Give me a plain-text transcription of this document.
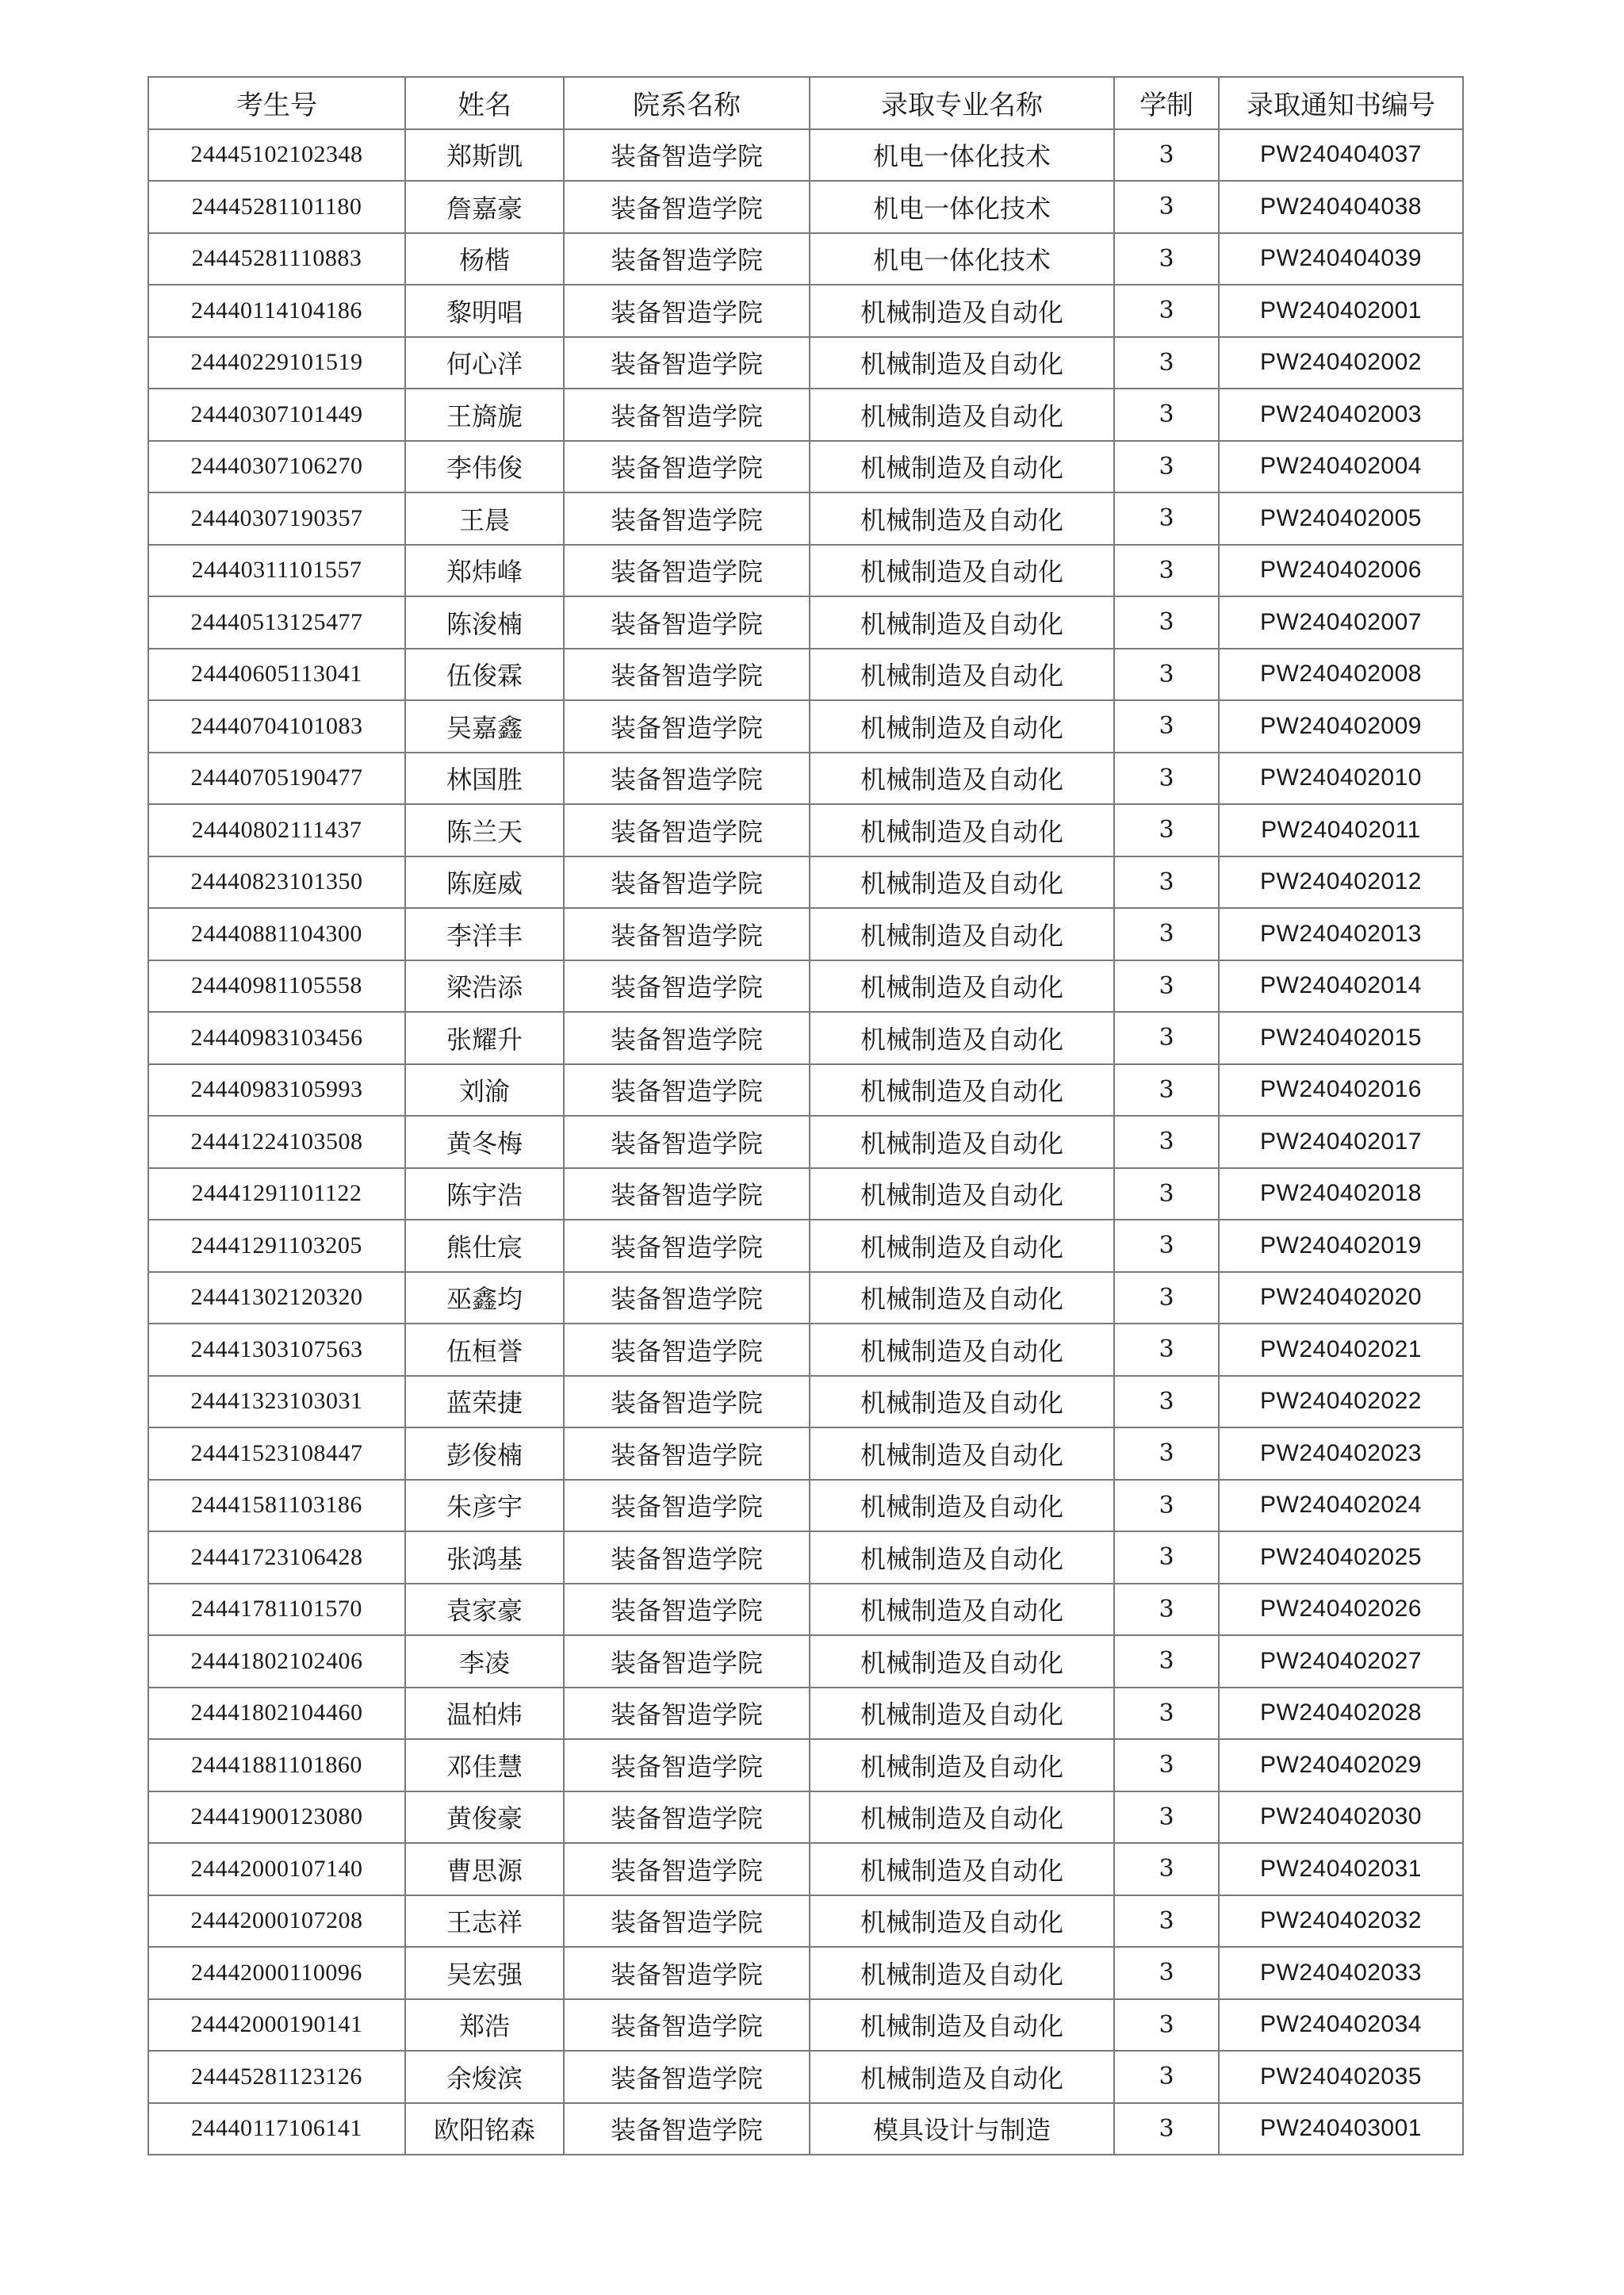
考生号	姓名	院系名称	录取专业名称	学制	录取通知书编号
24445102102348	郑斯凯	装备智造学院	机电一体化技术	3	PW240404037
24445281101180	詹嘉豪	装备智造学院	机电一体化技术	3	PW240404038
24445281110883	杨楷	装备智造学院	机电一体化技术	3	PW240404039
24440114104186	黎明唱	装备智造学院	机械制造及自动化	3	PW240402001
24440229101519	何心洋	装备智造学院	机械制造及自动化	3	PW240402002
24440307101449	王旖旎	装备智造学院	机械制造及自动化	3	PW240402003
24440307106270	李伟俊	装备智造学院	机械制造及自动化	3	PW240402004
24440307190357	王晨	装备智造学院	机械制造及自动化	3	PW240402005
24440311101557	郑炜峰	装备智造学院	机械制造及自动化	3	PW240402006
24440513125477	陈浚楠	装备智造学院	机械制造及自动化	3	PW240402007
24440605113041	伍俊霖	装备智造学院	机械制造及自动化	3	PW240402008
24440704101083	吴嘉鑫	装备智造学院	机械制造及自动化	3	PW240402009
24440705190477	林国胜	装备智造学院	机械制造及自动化	3	PW240402010
24440802111437	陈兰天	装备智造学院	机械制造及自动化	3	PW240402011
24440823101350	陈庭威	装备智造学院	机械制造及自动化	3	PW240402012
24440881104300	李洋丰	装备智造学院	机械制造及自动化	3	PW240402013
24440981105558	梁浩添	装备智造学院	机械制造及自动化	3	PW240402014
24440983103456	张耀升	装备智造学院	机械制造及自动化	3	PW240402015
24440983105993	刘渝	装备智造学院	机械制造及自动化	3	PW240402016
24441224103508	黄冬梅	装备智造学院	机械制造及自动化	3	PW240402017
24441291101122	陈宇浩	装备智造学院	机械制造及自动化	3	PW240402018
24441291103205	熊仕宸	装备智造学院	机械制造及自动化	3	PW240402019
24441302120320	巫鑫均	装备智造学院	机械制造及自动化	3	PW240402020
24441303107563	伍桓誉	装备智造学院	机械制造及自动化	3	PW240402021
24441323103031	蓝荣捷	装备智造学院	机械制造及自动化	3	PW240402022
24441523108447	彭俊楠	装备智造学院	机械制造及自动化	3	PW240402023
24441581103186	朱彦宇	装备智造学院	机械制造及自动化	3	PW240402024
24441723106428	张鸿基	装备智造学院	机械制造及自动化	3	PW240402025
24441781101570	袁家豪	装备智造学院	机械制造及自动化	3	PW240402026
24441802102406	李凌	装备智造学院	机械制造及自动化	3	PW240402027
24441802104460	温柏炜	装备智造学院	机械制造及自动化	3	PW240402028
24441881101860	邓佳慧	装备智造学院	机械制造及自动化	3	PW240402029
24441900123080	黄俊豪	装备智造学院	机械制造及自动化	3	PW240402030
24442000107140	曹思源	装备智造学院	机械制造及自动化	3	PW240402031
24442000107208	王志祥	装备智造学院	机械制造及自动化	3	PW240402032
24442000110096	吴宏强	装备智造学院	机械制造及自动化	3	PW240402033
24442000190141	郑浩	装备智造学院	机械制造及自动化	3	PW240402034
24445281123126	余焌滨	装备智造学院	机械制造及自动化	3	PW240402035
24440117106141	欧阳铭森	装备智造学院	模具设计与制造	3	PW240403001
